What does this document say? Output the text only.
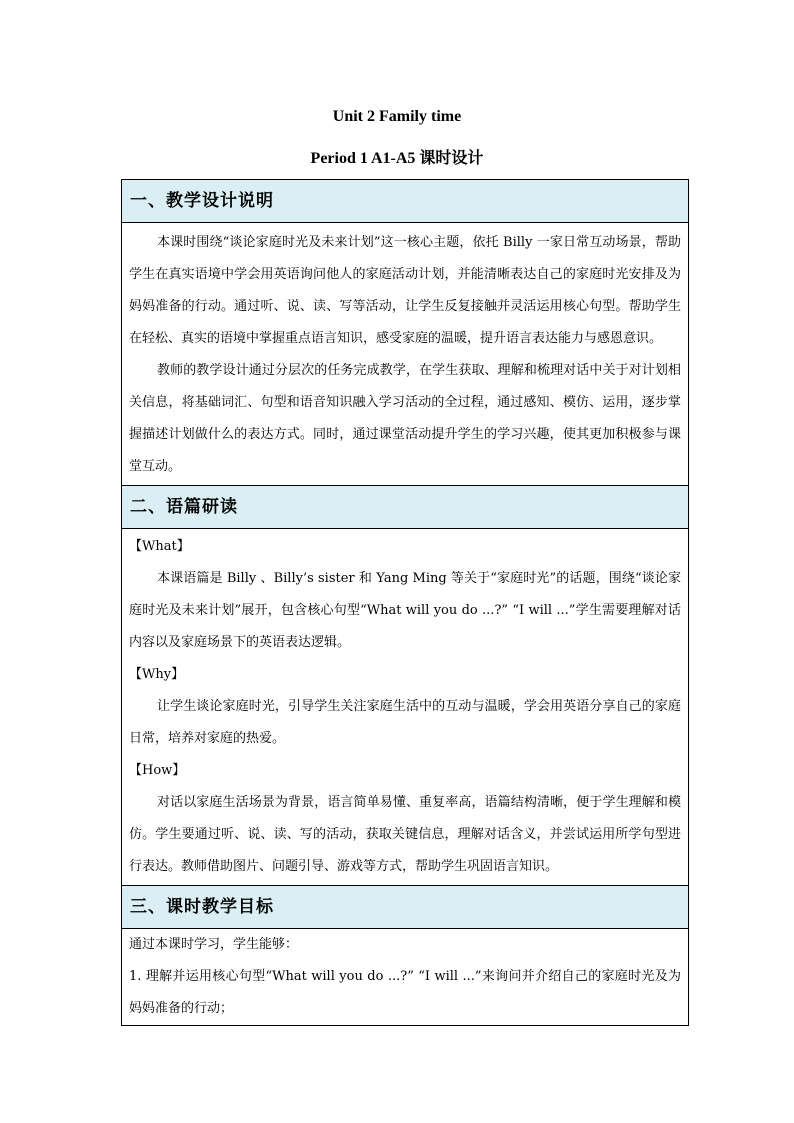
Unit 2 Family time
Period 1 A1-A5 课时设计
一、教学设计说明

本课时围绕“谈论家庭时光及未来计划”这一核心主题，依托 Billy 一家日常互动场景，帮助学生在真实语境中学会用英语询问他人的家庭活动计划，并能清晰表达自己的家庭时光安排及为妈妈准备的行动。通过听、说、读、写等活动，让学生反复接触并灵活运用核心句型。帮助学生在轻松、真实的语境中掌握重点语言知识，感受家庭的温暖，提升语言表达能力与感恩意识。

教师的教学设计通过分层次的任务完成教学，在学生获取、理解和梳理对话中关于对计划相关信息，将基础词汇、句型和语音知识融入学习活动的全过程，通过感知、模仿、运用，逐步掌握描述计划做什么的表达方式。同时，通过课堂活动提升学生的学习兴趣，使其更加积极参与课堂互动。

二、语篇研读

【What】

本课语篇是 Billy 、Billy’s sister 和 Yang Ming 等关于“家庭时光”的话题，围绕“谈论家庭时光及未来计划”展开，包含核心句型“What will you do ...?” “I will ...”学生需要理解对话内容以及家庭场景下的英语表达逻辑。

【Why】

让学生谈论家庭时光，引导学生关注家庭生活中的互动与温暖，学会用英语分享自己的家庭日常，培养对家庭的热爱。

【How】

对话以家庭生活场景为背景，语言简单易懂、重复率高，语篇结构清晰，便于学生理解和模仿。学生要通过听、说、读、写的活动，获取关键信息，理解对话含义，并尝试运用所学句型进行表达。教师借助图片、问题引导、游戏等方式，帮助学生巩固语言知识。

三、课时教学目标

通过本课时学习，学生能够：

1. 理解并运用核心句型“What will you do ...?” “I will ...”来询问并介绍自己的家庭时光及为妈妈准备的行动；
